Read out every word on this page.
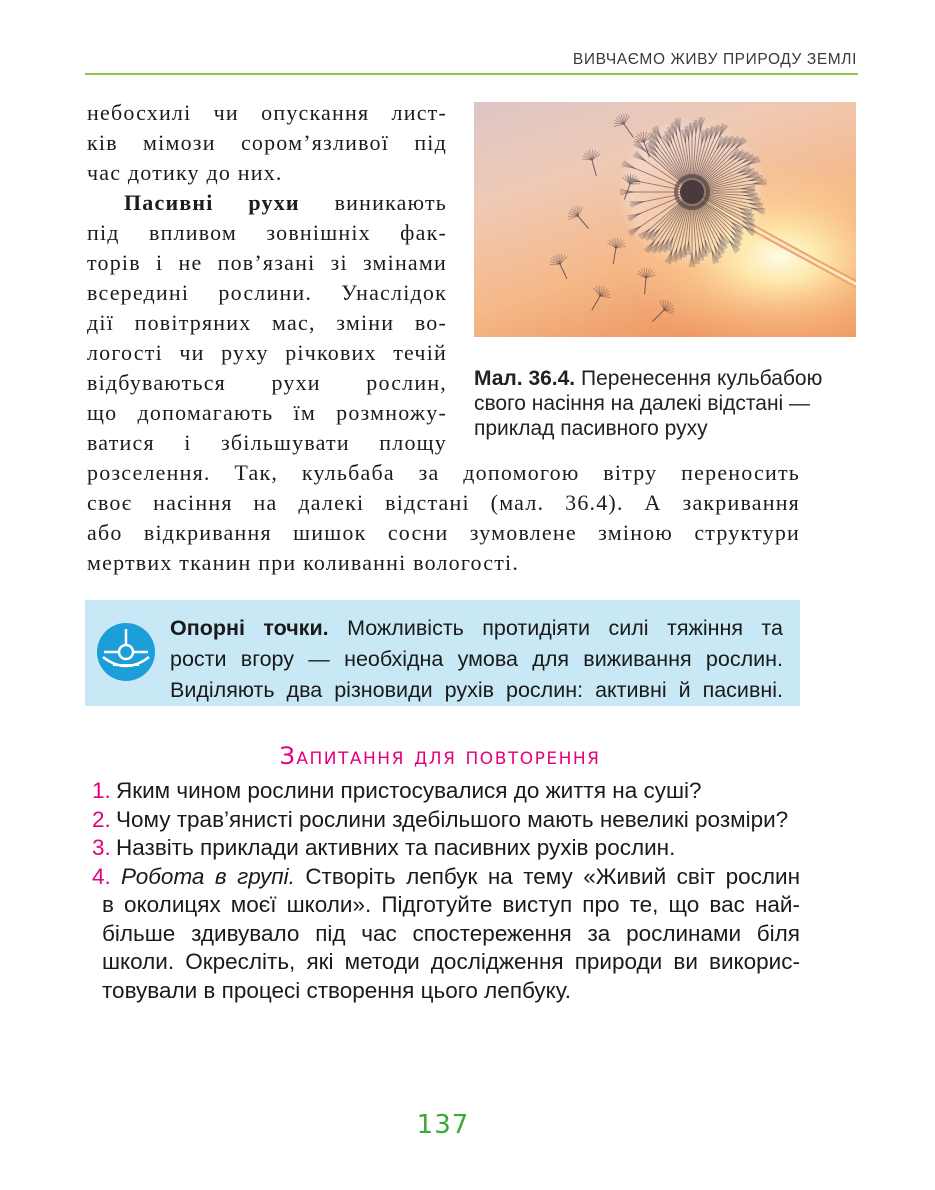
ВИВЧАЄМО ЖИВУ ПРИРОДУ ЗЕМЛІ
небосхилі чи опускання лист-
ків мімози сором’язливої під
час дотику до них.
Пасивні рухи виникають
під впливом зовнішніх фак-
торів і не пов’язані зі змінами
всередині рослини. Унаслідок
дії повітряних мас, зміни во-
логості чи руху річкових течій
відбуваються рухи рослин,
що допомагають їм розмножу-
ватися і збільшувати площу
розселення. Так, кульбаба за допомогою вітру переносить
своє насіння на далекі відстані (мал. 36.4). А закривання
або відкривання шишок сосни зумовлене зміною структури
мертвих тканин при коливанні вологості.
Мал. 36.4. Перенесення кульбабою
свого насіння на далекі відстані —
приклад пасивного руху
Опорні точки. Можливість протидіяти силі тяжіння та
рости вгору — необхідна умова для виживання рослин.
Виділяють два різновиди рухів рослин: активні й пасивні.
Запитання для повторення
1. Яким чином рослини пристосувалися до життя на суші?
2. Чому трав’янисті рослини здебільшого мають невеликі розміри?
3. Назвіть приклади активних та пасивних рухів рослин.
4. Робота в групі. Створіть лепбук на тему «Живий світ рослин
в околицях моєї школи». Підготуйте виступ про те, що вас най-
більше здивувало під час спостереження за рослинами біля
школи. Окресліть, які методи дослідження природи ви викорис-
товували в процесі створення цього лепбуку.
137
